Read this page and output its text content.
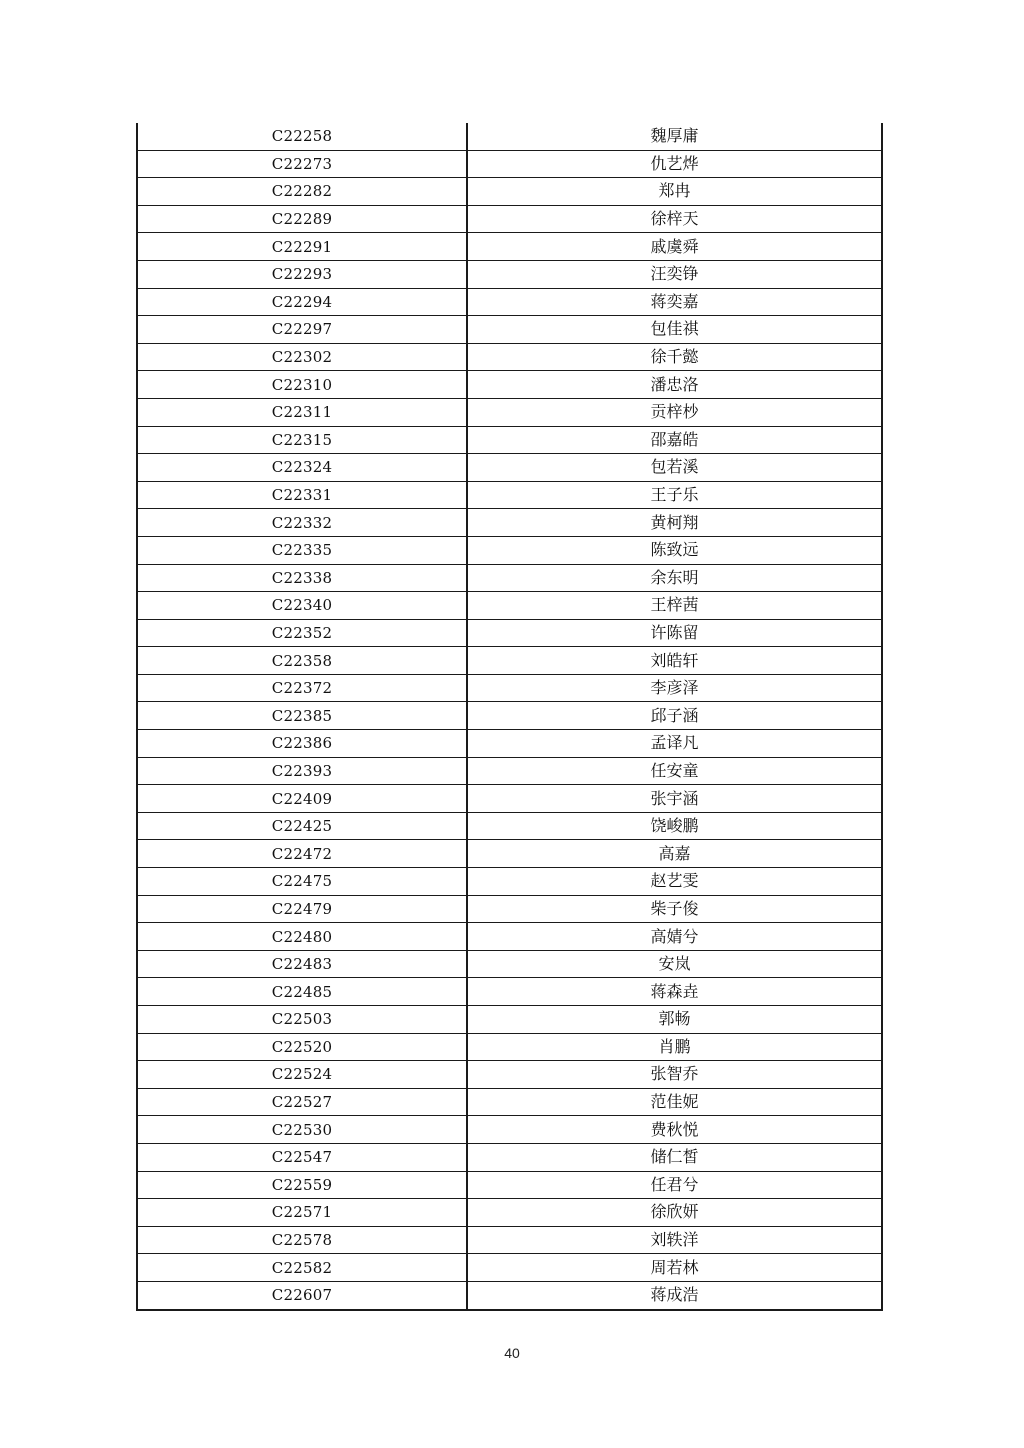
C22258	魏厚庸
C22273	仇艺烨
C22282	郑冉
C22289	徐梓天
C22291	戚虞舜
C22293	汪奕铮
C22294	蒋奕嘉
C22297	包佳祺
C22302	徐千懿
C22310	潘忠洛
C22311	贡梓杪
C22315	邵嘉皓
C22324	包若溪
C22331	王子乐
C22332	黄柯翔
C22335	陈致远
C22338	余东明
C22340	王梓茜
C22352	许陈留
C22358	刘皓轩
C22372	李彦泽
C22385	邱子涵
C22386	孟译凡
C22393	任安童
C22409	张宇涵
C22425	饶峻鹏
C22472	高嘉
C22475	赵艺雯
C22479	柴子俊
C22480	高婧兮
C22483	安岚
C22485	蒋森垚
C22503	郭畅
C22520	肖鹏
C22524	张智乔
C22527	范佳妮
C22530	费秋悦
C22547	储仁皙
C22559	任君兮
C22571	徐欣妍
C22578	刘轶洋
C22582	周若林
C22607	蒋成浩
40
